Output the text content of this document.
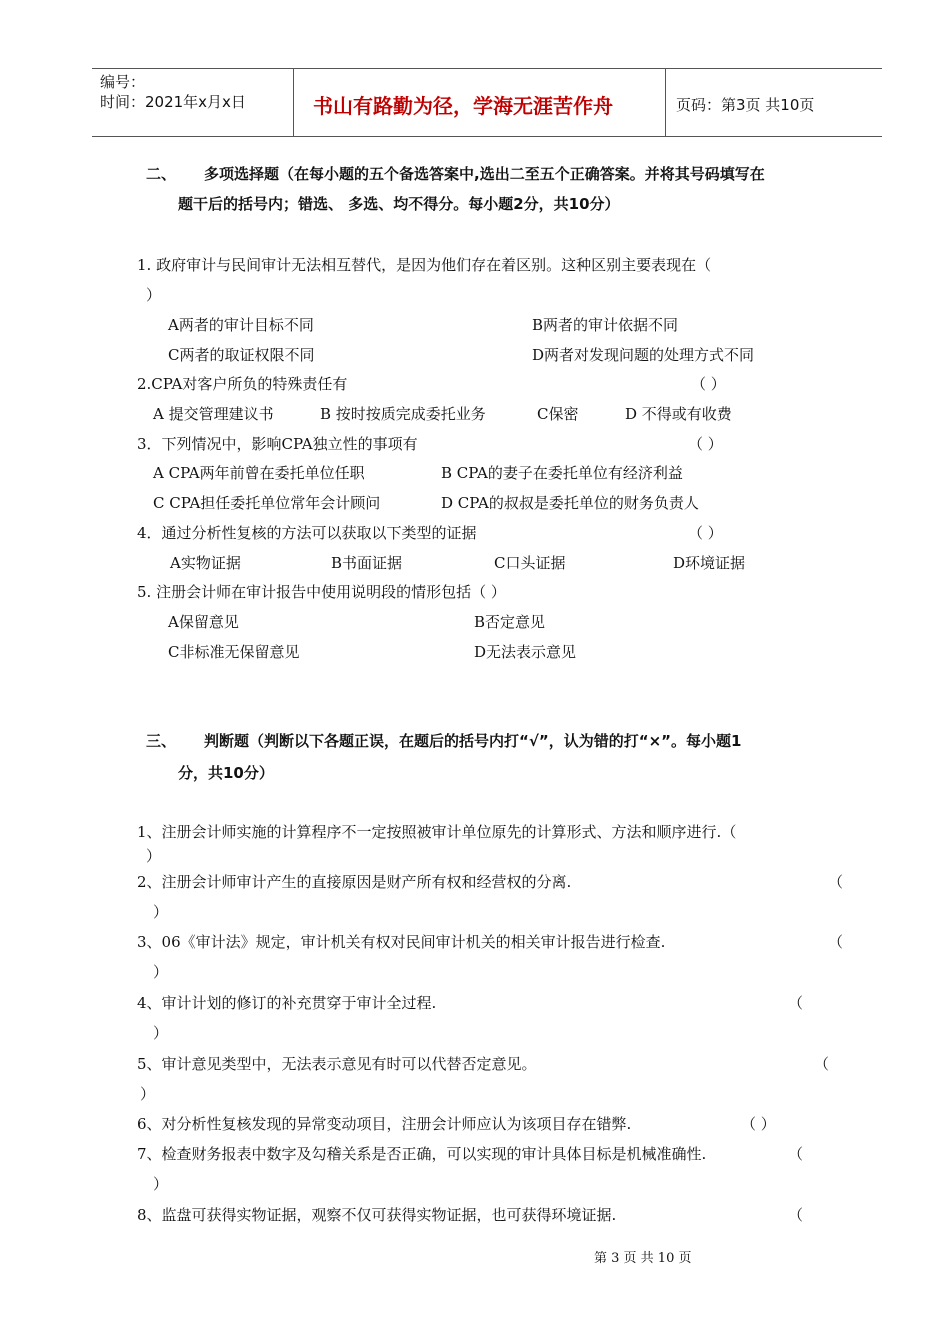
编号：
时间：2021年x月x日	书山有路勤为径，学海无涯苦作舟	页码：第3页 共10页
二、 多项选择题（在每小题的五个备选答案中,选出二至五个正确答案。并将其号码填写在
题干后的括号内；错选、 多选、均不得分。每小题2分，共10分）
1. 政府审计与民间审计无法相互替代，是因为他们存在着区别。这种区别主要表现在（
）
A两者的审计目标不同	B两者的审计依据不同
C两者的取证权限不同	D两者对发现问题的处理方式不同
2.CPA对客户所负的特殊责任有	（ ）
A 提交管理建议书	B 按时按质完成委托业务	C保密	D 不得或有收费
3．下列情况中，影响CPA独立性的事项有	（ ）
A CPA两年前曾在委托单位任职	B CPA的妻子在委托单位有经济利益
C CPA担任委托单位常年会计顾问	D CPA的叔叔是委托单位的财务负责人
4．通过分析性复核的方法可以获取以下类型的证据	（ ）
A实物证据	B书面证据	C口头证据	D环境证据
5. 注册会计师在审计报告中使用说明段的情形包括（ ）
A保留意见	B否定意见
C非标准无保留意见	D无法表示意见
三、 判断题（判断以下各题正误，在题后的括号内打“√”，认为错的打“×”。每小题1
分，共10分）
1、注册会计师实施的计算程序不一定按照被审计单位原先的计算形式、方法和顺序进行.（
）
2、注册会计师审计产生的直接原因是财产所有权和经营权的分离.	（
）
3、06《审计法》规定，审计机关有权对民间审计机关的相关审计报告进行检查.	（
）
4、审计计划的修订的补充贯穿于审计全过程.	（
）
5、审计意见类型中，无法表示意见有时可以代替否定意见。	（
）
6、对分析性复核发现的异常变动项目，注册会计师应认为该项目存在错弊.	（ ）
7、检查财务报表中数字及勾稽关系是否正确，可以实现的审计具体目标是机械准确性.	（
）
8、监盘可获得实物证据，观察不仅可获得实物证据，也可获得环境证据.	（
第 3 页 共 10 页
